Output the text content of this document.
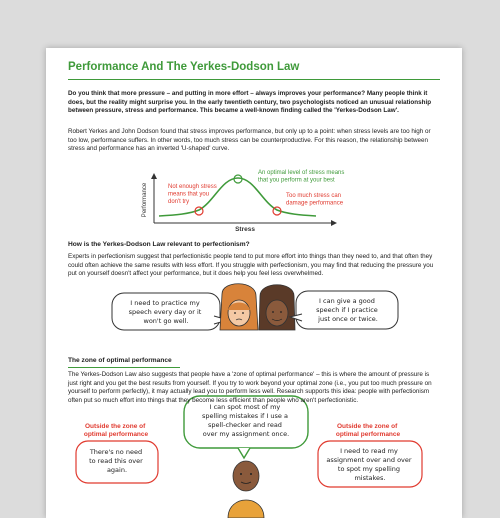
Performance And The Yerkes-Dodson Law

Do you think that more pressure – and putting in more effort – always improves your performance? Many people think it does, but the reality might surprise you. In the early twentieth century, two psychologists noticed an unusual relationship between pressure, stress and performance. This became a well-known finding called the 'Yerkes-Dodson Law'.

Robert Yerkes and John Dodson found that stress improves performance, but only up to a point: when stress levels are too high or too low, performance suffers. In other words, too much stress can be counterproductive. For this reason, the relationship between stress and performance has an inverted 'U-shaped' curve.

Performance
Stress
Not enough stress means that you don't try
An optimal level of stress means that you perform at your best
Too much stress can damage performance
I need to practice my speech every day or it won't go well.
I can give a good speech if I practice just once or twice.
Outside the zone of optimal performance
There's no need to read this over again.
I can spot most of my spelling mistakes if I use a spell-checker and read over my assignment once.
Outside the zone of optimal performance
I need to read my assignment over and over to spot my spelling mistakes.

How is the Yerkes-Dodson Law relevant to perfectionism?

Experts in perfectionism suggest that perfectionistic people tend to put more effort into things than they need to, and that often they could often achieve the same results with less effort. If you struggle with perfectionism, you may find that reducing the pressure you put on yourself doesn't affect your performance, but it does help you feel less overwhelmed.

The zone of optimal performance

The Yerkes-Dodson Law also suggests that people have a 'zone of optimal performance' – this is where the amount of pressure is just right and you get the best results from yourself. If you try to work beyond your optimal zone (i.e., you put too much pressure on yourself to perform perfectly), it may actually lead you to perform less well. Research supports this idea: people with perfectionism often put so much effort into things that they become less efficient than people who aren't perfectionistic.
